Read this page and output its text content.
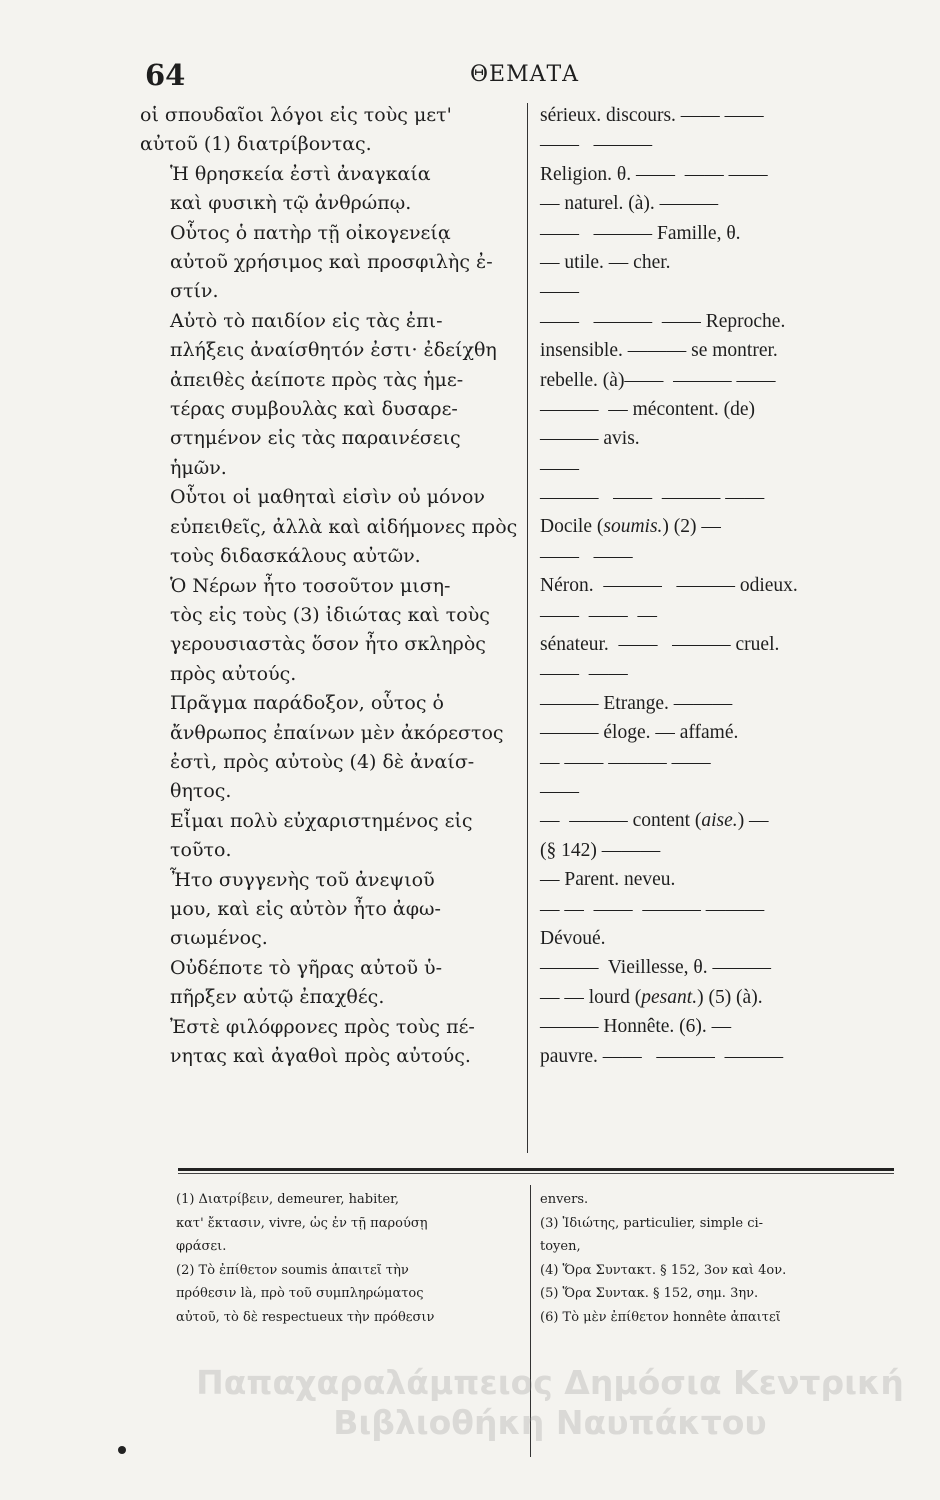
64	ΘΕΜΑΤΑ

οἱ σπουδαῖοι λόγοι εἰς τοὺς μετ'
αὐτοῦ (1) διατρίβοντας.

Ἡ θρησκεία ἐστὶ ἀναγκαία
καὶ φυσικὴ τῷ ἀνθρώπῳ.

Οὗτος ὁ πατὴρ τῇ οἰκογενείᾳ
αὐτοῦ χρήσιμος καὶ προσφιλὴς ἐ-
στίν.

Αὐτὸ τὸ παιδίον εἰς τὰς ἐπι-
πλήξεις ἀναίσθητόν ἐστι· ἐδείχθη
ἀπειθὲς ἀείποτε πρὸς τὰς ἡμε-
τέρας συμβουλὰς καὶ δυσαρε-
στημένον εἰς τὰς παραινέσεις
ἡμῶν.

Οὗτοι οἱ μαθηταὶ εἰσὶν οὐ μόνον
εὐπειθεῖς, ἀλλὰ καὶ αἰδήμονες πρὸς
τοὺς διδασκάλους αὐτῶν.

Ὁ Νέρων ἦτο τοσοῦτον μιση-
τὸς εἰς τοὺς (3) ἰδιώτας καὶ τοὺς
γερουσιαστὰς ὅσον ἦτο σκληρὸς
πρὸς αὐτούς.

Πρᾶγμα παράδοξον, οὗτος ὁ
ἄνθρωπος ἐπαίνων μὲν ἀκόρεστος
ἐστὶ, πρὸς αὐτοὺς (4) δὲ ἀναίσ-
θητος.

Εἶμαι πολὺ εὐχαριστημένος εἰς
τοῦτο.

Ἦτο συγγενὴς τοῦ ἀνεψιοῦ
μου, καὶ εἰς αὐτὸν ἦτο ἀφω-
σιωμένος.

Οὐδέποτε τὸ γῆρας αὐτοῦ ὑ-
πῆρξεν αὐτῷ ἐπαχθές.

Ἐστὲ φιλόφρονες πρὸς τοὺς πέ-
νητας καὶ ἀγαθοὶ πρὸς αὐτούς.

sérieux. discours. —— ——
——   ———
Religion. θ. ——  —— ——
— naturel. (à). ———
——   ——— Famille, θ.
— utile. — cher.
——
——   ———  —— Reproche.
insensible. ——— se montrer.
rebelle. (à)——  ——— ——
———  — mécontent. (de)
——— avis.
——
———   ——  ——— ——
Docile (soumis.) (2) —
——   ——
Néron.  ———   ——— odieux.
——  ——  —
sénateur.  ——   ——— cruel.
——  ——
——— Etrange. ———
——— éloge. — affamé.
— —— ——— ——
——
—  ——— content (aise.) —
(§ 142) ———
— Parent. neveu.
— —  ——  ——— ———
Dévoué.
———  Vieillesse, θ. ———
— — lourd (pesant.) (5) (à).
——— Honnête. (6). —
pauvre. ——   ———  ———
(1) Διατρίβειν, demeurer, habiter,
κατ' ἔκτασιν, vivre, ὡς ἐν τῇ παρούσῃ
φράσει.
(2) Τὸ ἐπίθετον soumis ἀπαιτεῖ τὴν
πρόθεσιν là, πρὸ τοῦ συμπληρώματος
αὐτοῦ, τὸ δὲ respectueux τὴν πρόθεσιν
envers.
(3) Ἰδιώτης, particulier, simple ci-
toyen,
(4) Ὅρα Συντακτ. § 152, 3ον καὶ 4ον.
(5) Ὅρα Συντακ. § 152, σημ. 3ην.
(6) Τὸ μὲν ἐπίθετον honnête ἀπαιτεῖ
Παπαχαραλάμπειος Δημόσια Κεντρική
Βιβλιοθήκη Ναυπάκτου
